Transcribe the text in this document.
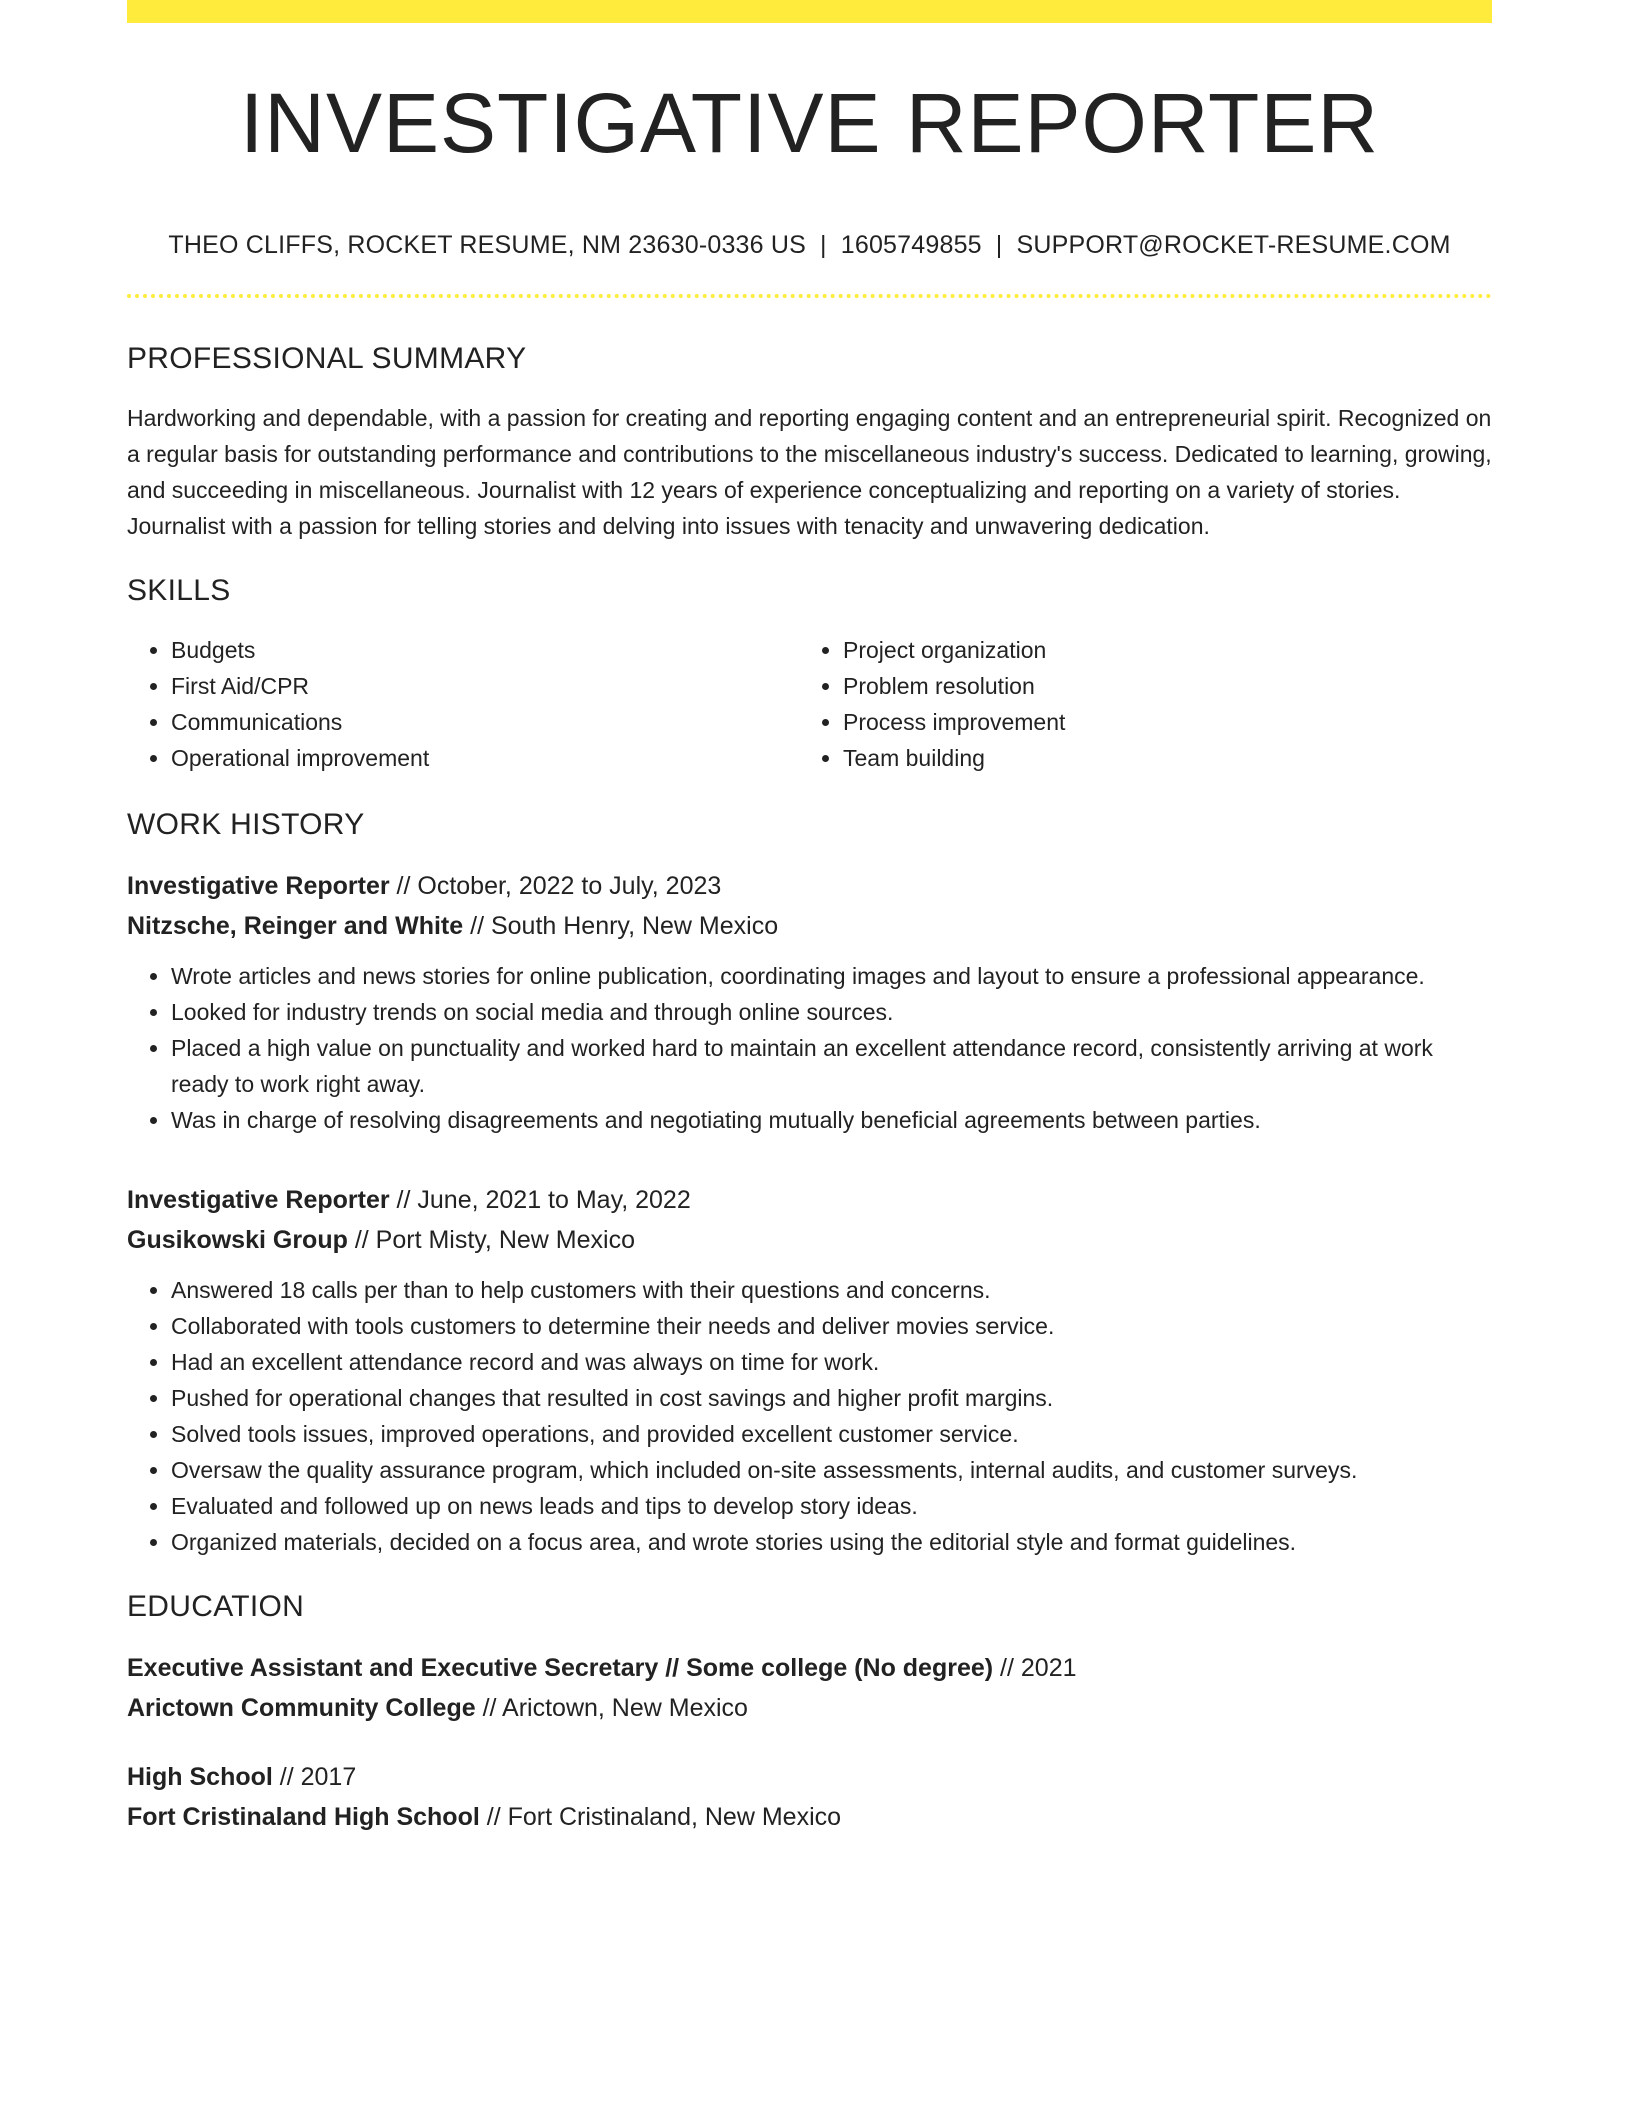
INVESTIGATIVE REPORTER
THEO CLIFFS, ROCKET RESUME, NM 23630-0336 US | 1605749855 | SUPPORT@ROCKET-RESUME.COM
PROFESSIONAL SUMMARY

Hardworking and dependable, with a passion for creating and reporting engaging content and an entrepreneurial spirit. Recognized on a regular basis for outstanding performance and contributions to the miscellaneous industry's success. Dedicated to learning, growing, and succeeding in miscellaneous. Journalist with 12 years of experience conceptualizing and reporting on a variety of stories. Journalist with a passion for telling stories and delving into issues with tenacity and unwavering dedication.

SKILLS
• Budgets
• First Aid/CPR
• Communications
• Operational improvement
• Project organization
• Problem resolution
• Process improvement
• Team building
WORK HISTORY
Investigative Reporter // October, 2022 to July, 2023
Nitzsche, Reinger and White // South Henry, New Mexico
• Wrote articles and news stories for online publication, coordinating images and layout to ensure a professional appearance.
• Looked for industry trends on social media and through online sources.
• Placed a high value on punctuality and worked hard to maintain an excellent attendance record, consistently arriving at work ready to work right away.
• Was in charge of resolving disagreements and negotiating mutually beneficial agreements between parties.
Investigative Reporter // June, 2021 to May, 2022
Gusikowski Group // Port Misty, New Mexico
• Answered 18 calls per than to help customers with their questions and concerns.
• Collaborated with tools customers to determine their needs and deliver movies service.
• Had an excellent attendance record and was always on time for work.
• Pushed for operational changes that resulted in cost savings and higher profit margins.
• Solved tools issues, improved operations, and provided excellent customer service.
• Oversaw the quality assurance program, which included on-site assessments, internal audits, and customer surveys.
• Evaluated and followed up on news leads and tips to develop story ideas.
• Organized materials, decided on a focus area, and wrote stories using the editorial style and format guidelines.
EDUCATION
Executive Assistant and Executive Secretary // Some college (No degree) // 2021
Arictown Community College // Arictown, New Mexico
High School // 2017
Fort Cristinaland High School // Fort Cristinaland, New Mexico
